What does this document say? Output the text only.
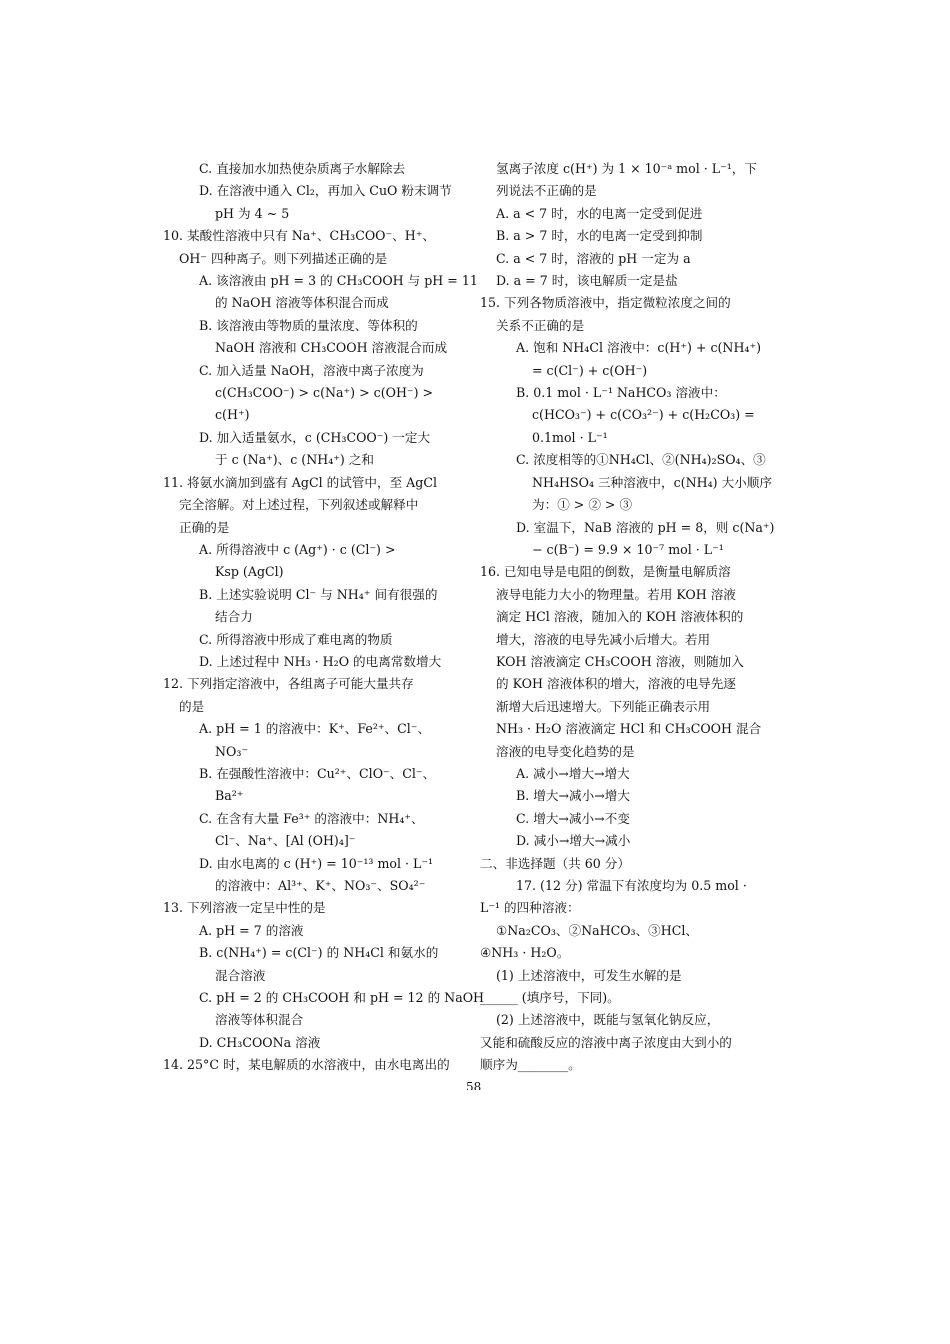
C. 直接加水加热使杂质离子水解除去
D. 在溶液中通入 Cl₂，再加入 CuO 粉末调节
pH 为 4 ~ 5
10. 某酸性溶液中只有 Na⁺、CH₃COO⁻、H⁺、
OH⁻ 四种离子。则下列描述正确的是
A. 该溶液由 pH = 3 的 CH₃COOH 与 pH = 11
的 NaOH 溶液等体积混合而成
B. 该溶液由等物质的量浓度、等体积的
NaOH 溶液和 CH₃COOH 溶液混合而成
C. 加入适量 NaOH，溶液中离子浓度为
c(CH₃COO⁻) > c(Na⁺) > c(OH⁻) >
c(H⁺)
D. 加入适量氨水，c (CH₃COO⁻) 一定大
于 c (Na⁺)、c (NH₄⁺) 之和
11. 将氨水滴加到盛有 AgCl 的试管中，至 AgCl
完全溶解。对上述过程，下列叙述或解释中
正确的是
A. 所得溶液中 c (Ag⁺) · c (Cl⁻) >
Ksp (AgCl)
B. 上述实验说明 Cl⁻ 与 NH₄⁺ 间有很强的
结合力
C. 所得溶液中形成了难电离的物质
D. 上述过程中 NH₃ · H₂O 的电离常数增大
12. 下列指定溶液中，各组离子可能大量共存
的是
A. pH = 1 的溶液中：K⁺、Fe²⁺、Cl⁻、
NO₃⁻
B. 在强酸性溶液中：Cu²⁺、ClO⁻、Cl⁻、
Ba²⁺
C. 在含有大量 Fe³⁺ 的溶液中：NH₄⁺、
Cl⁻、Na⁺、[Al (OH)₄]⁻
D. 由水电离的 c (H⁺) = 10⁻¹³ mol · L⁻¹
的溶液中：Al³⁺、K⁺、NO₃⁻、SO₄²⁻
13. 下列溶液一定呈中性的是
A. pH = 7 的溶液
B. c(NH₄⁺) = c(Cl⁻) 的 NH₄Cl 和氨水的
混合溶液
C. pH = 2 的 CH₃COOH 和 pH = 12 的 NaOH
溶液等体积混合
D. CH₃COONa 溶液
14. 25°C 时，某电解质的水溶液中，由水电离出的
氢离子浓度 c(H⁺) 为 1 × 10⁻ᵃ mol · L⁻¹，下
列说法不正确的是
A. a < 7 时，水的电离一定受到促进
B. a > 7 时，水的电离一定受到抑制
C. a < 7 时，溶液的 pH 一定为 a
D. a = 7 时，该电解质一定是盐
15. 下列各物质溶液中，指定微粒浓度之间的
关系不正确的是
A. 饱和 NH₄Cl 溶液中：c(H⁺) + c(NH₄⁺)
= c(Cl⁻) + c(OH⁻)
B. 0.1 mol · L⁻¹ NaHCO₃ 溶液中：
c(HCO₃⁻) + c(CO₃²⁻) + c(H₂CO₃) =
0.1mol · L⁻¹
C. 浓度相等的①NH₄Cl、②(NH₄)₂SO₄、③
NH₄HSO₄ 三种溶液中，c(NH₄) 大小顺序
为：① > ② > ③
D. 室温下，NaB 溶液的 pH = 8，则 c(Na⁺)
− c(B⁻) = 9.9 × 10⁻⁷ mol · L⁻¹
16. 已知电导是电阻的倒数，是衡量电解质溶
液导电能力大小的物理量。若用 KOH 溶液
滴定 HCl 溶液，随加入的 KOH 溶液体积的
增大，溶液的电导先减小后增大。若用
KOH 溶液滴定 CH₃COOH 溶液，则随加入
的 KOH 溶液体积的增大，溶液的电导先逐
渐增大后迅速增大。下列能正确表示用
NH₃ · H₂O 溶液滴定 HCl 和 CH₃COOH 混合
溶液的电导变化趋势的是
A. 减小→增大→增大
B. 增大→减小→增大
C. 增大→减小→不变
D. 减小→增大→减小
二、非选择题（共 60 分）
17. (12 分) 常温下有浓度均为 0.5 mol ·
L⁻¹ 的四种溶液：
①Na₂CO₃、②NaHCO₃、③HCl、
④NH₃ · H₂O。
(1) 上述溶液中，可发生水解的是
______ (填序号，下同)。
(2) 上述溶液中，既能与氢氧化钠反应，
又能和硫酸反应的溶液中离子浓度由大到小的
顺序为________。
58
